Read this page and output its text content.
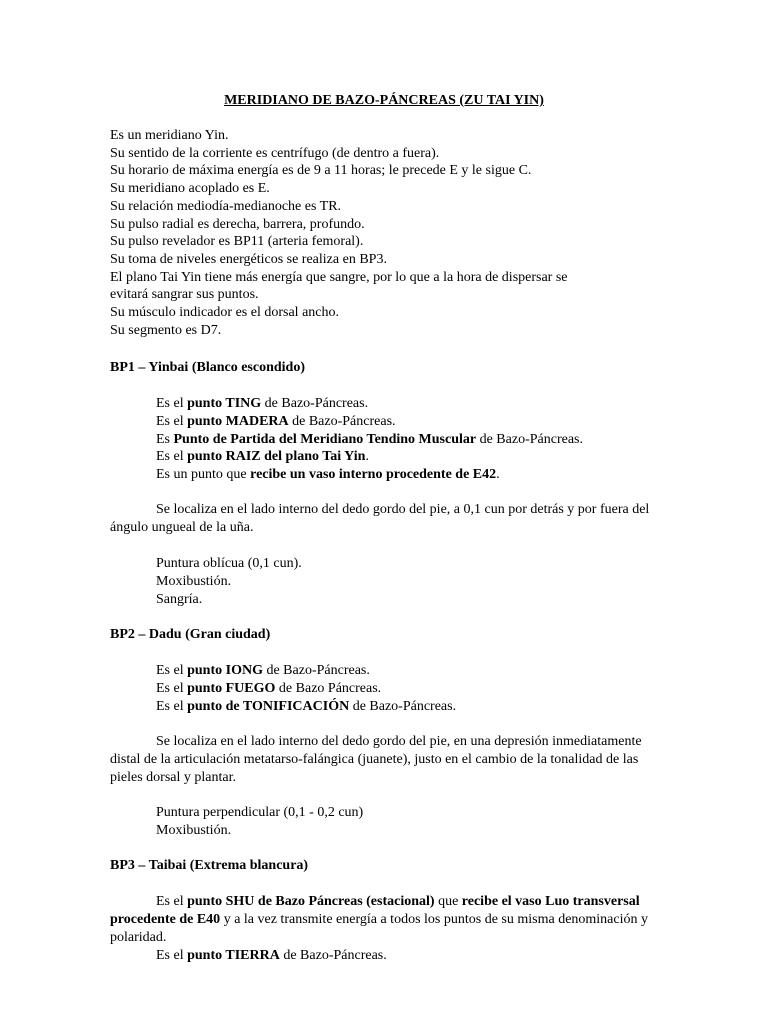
MERIDIANO DE BAZO-PÁNCREAS (ZU TAI YIN)
Es un meridiano Yin.
Su sentido de la corriente es centrífugo (de dentro a fuera).
Su horario de máxima energía es de 9 a 11 horas; le precede E y le sigue C.
Su meridiano acoplado es E.
Su relación mediodía-medianoche es TR.
Su pulso radial es derecha, barrera, profundo.
Su pulso revelador es BP11 (arteria femoral).
Su toma de niveles energéticos se realiza en BP3.
El plano Tai Yin tiene más energía que sangre, por lo que a la hora de dispersar se
evitará sangrar sus puntos.
Su músculo indicador es el dorsal ancho.
Su segmento es D7.
BP1 – Yinbai (Blanco escondido)
Es el punto TING de Bazo-Páncreas.
Es el punto MADERA de Bazo-Páncreas.
Es Punto de Partida del Meridiano Tendino Muscular de Bazo-Páncreas.
Es el punto RAIZ del plano Tai Yin.
Es un punto que recibe un vaso interno procedente de E42.
Se localiza en el lado interno del dedo gordo del pie, a 0,1 cun por detrás y por fuera del ángulo ungueal de la uña.
Puntura oblícua (0,1 cun).
Moxibustión.
Sangría.
BP2 – Dadu (Gran ciudad)
Es el punto IONG de Bazo-Páncreas.
Es el punto FUEGO de Bazo Páncreas.
Es el punto de TONIFICACIÓN de Bazo-Páncreas.
Se localiza en el lado interno del dedo gordo del pie, en una depresión inmediatamente distal de la articulación metatarso-falángica (juanete), justo en el cambio de la tonalidad de las pieles dorsal y plantar.
Puntura perpendicular (0,1 - 0,2 cun)
Moxibustión.
BP3 – Taibai (Extrema blancura)
Es el punto SHU de Bazo Páncreas (estacional) que recibe el vaso Luo transversal procedente de E40 y a la vez transmite energía a todos los puntos de su misma denominación y polaridad.
Es el punto TIERRA de Bazo-Páncreas.
